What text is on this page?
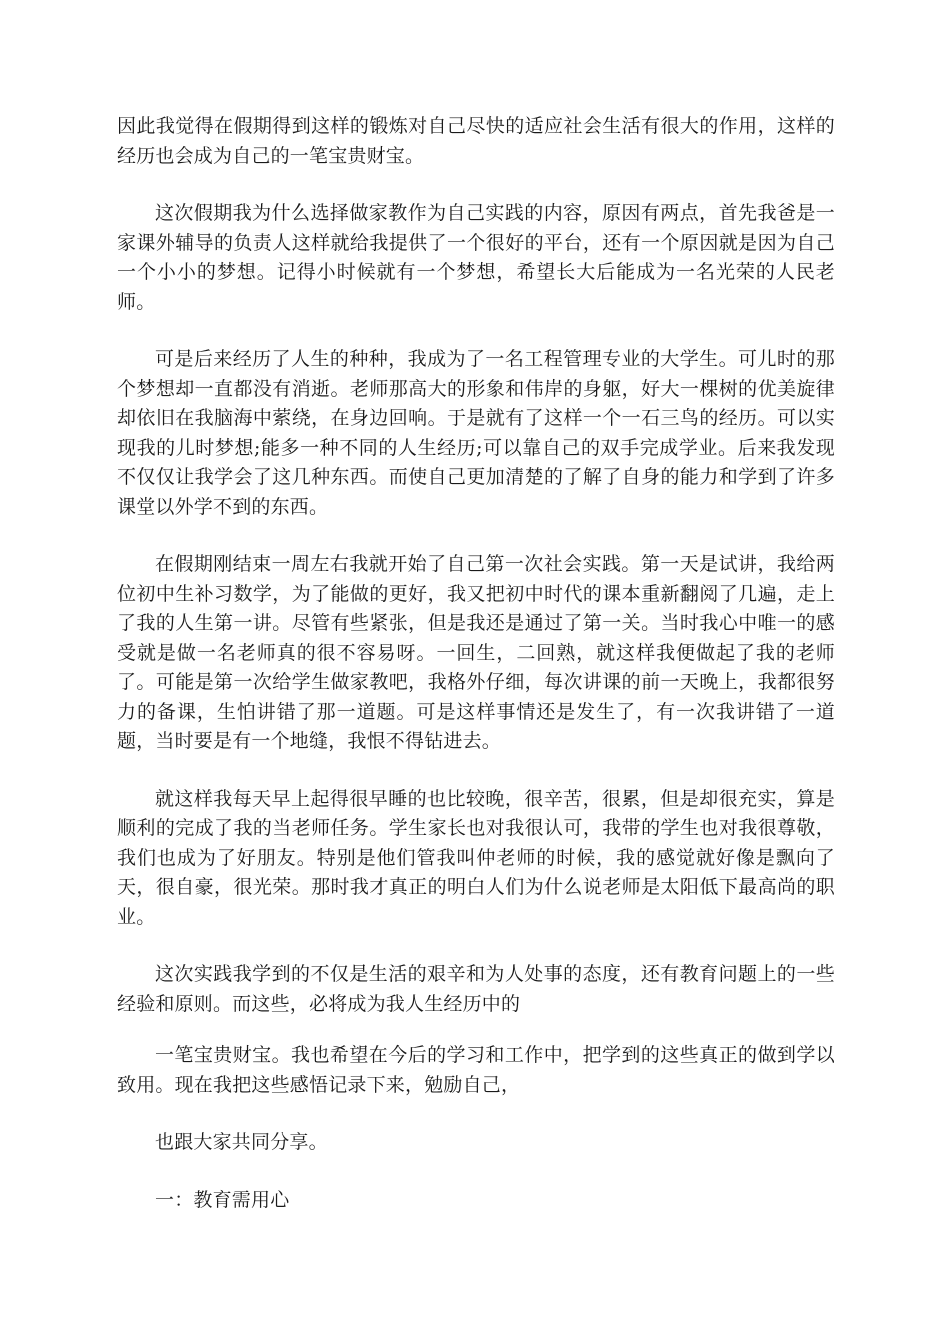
因此我觉得在假期得到这样的锻炼对自己尽快的适应社会生活有很大的作用，这样的经历也会成为自己的一笔宝贵财宝。

这次假期我为什么选择做家教作为自己实践的内容，原因有两点，首先我爸是一家课外辅导的负责人这样就给我提供了一个很好的平台，还有一个原因就是因为自己一个小小的梦想。记得小时候就有一个梦想，希望长大后能成为一名光荣的人民老师。

可是后来经历了人生的种种，我成为了一名工程管理专业的大学生。可儿时的那个梦想却一直都没有消逝。老师那高大的形象和伟岸的身躯，好大一棵树的优美旋律却依旧在我脑海中萦绕，在身边回响。于是就有了这样一个一石三鸟的经历。可以实现我的儿时梦想;能多一种不同的人生经历;可以靠自己的双手完成学业。后来我发现不仅仅让我学会了这几种东西。而使自己更加清楚的了解了自身的能力和学到了许多课堂以外学不到的东西。

在假期刚结束一周左右我就开始了自己第一次社会实践。第一天是试讲，我给两位初中生补习数学，为了能做的更好，我又把初中时代的课本重新翻阅了几遍，走上了我的人生第一讲。尽管有些紧张，但是我还是通过了第一关。当时我心中唯一的感受就是做一名老师真的很不容易呀。一回生，二回熟，就这样我便做起了我的老师了。可能是第一次给学生做家教吧，我格外仔细，每次讲课的前一天晚上，我都很努力的备课，生怕讲错了那一道题。可是这样事情还是发生了，有一次我讲错了一道题，当时要是有一个地缝，我恨不得钻进去。

就这样我每天早上起得很早睡的也比较晚，很辛苦，很累，但是却很充实，算是顺利的完成了我的当老师任务。学生家长也对我很认可，我带的学生也对我很尊敬，我们也成为了好朋友。特别是他们管我叫仲老师的时候，我的感觉就好像是飘向了天，很自豪，很光荣。那时我才真正的明白人们为什么说老师是太阳低下最高尚的职业。

这次实践我学到的不仅是生活的艰辛和为人处事的态度，还有教育问题上的一些经验和原则。而这些，必将成为我人生经历中的

一笔宝贵财宝。我也希望在今后的学习和工作中，把学到的这些真正的做到学以致用。现在我把这些感悟记录下来，勉励自己，

也跟大家共同分享。

一：教育需用心
